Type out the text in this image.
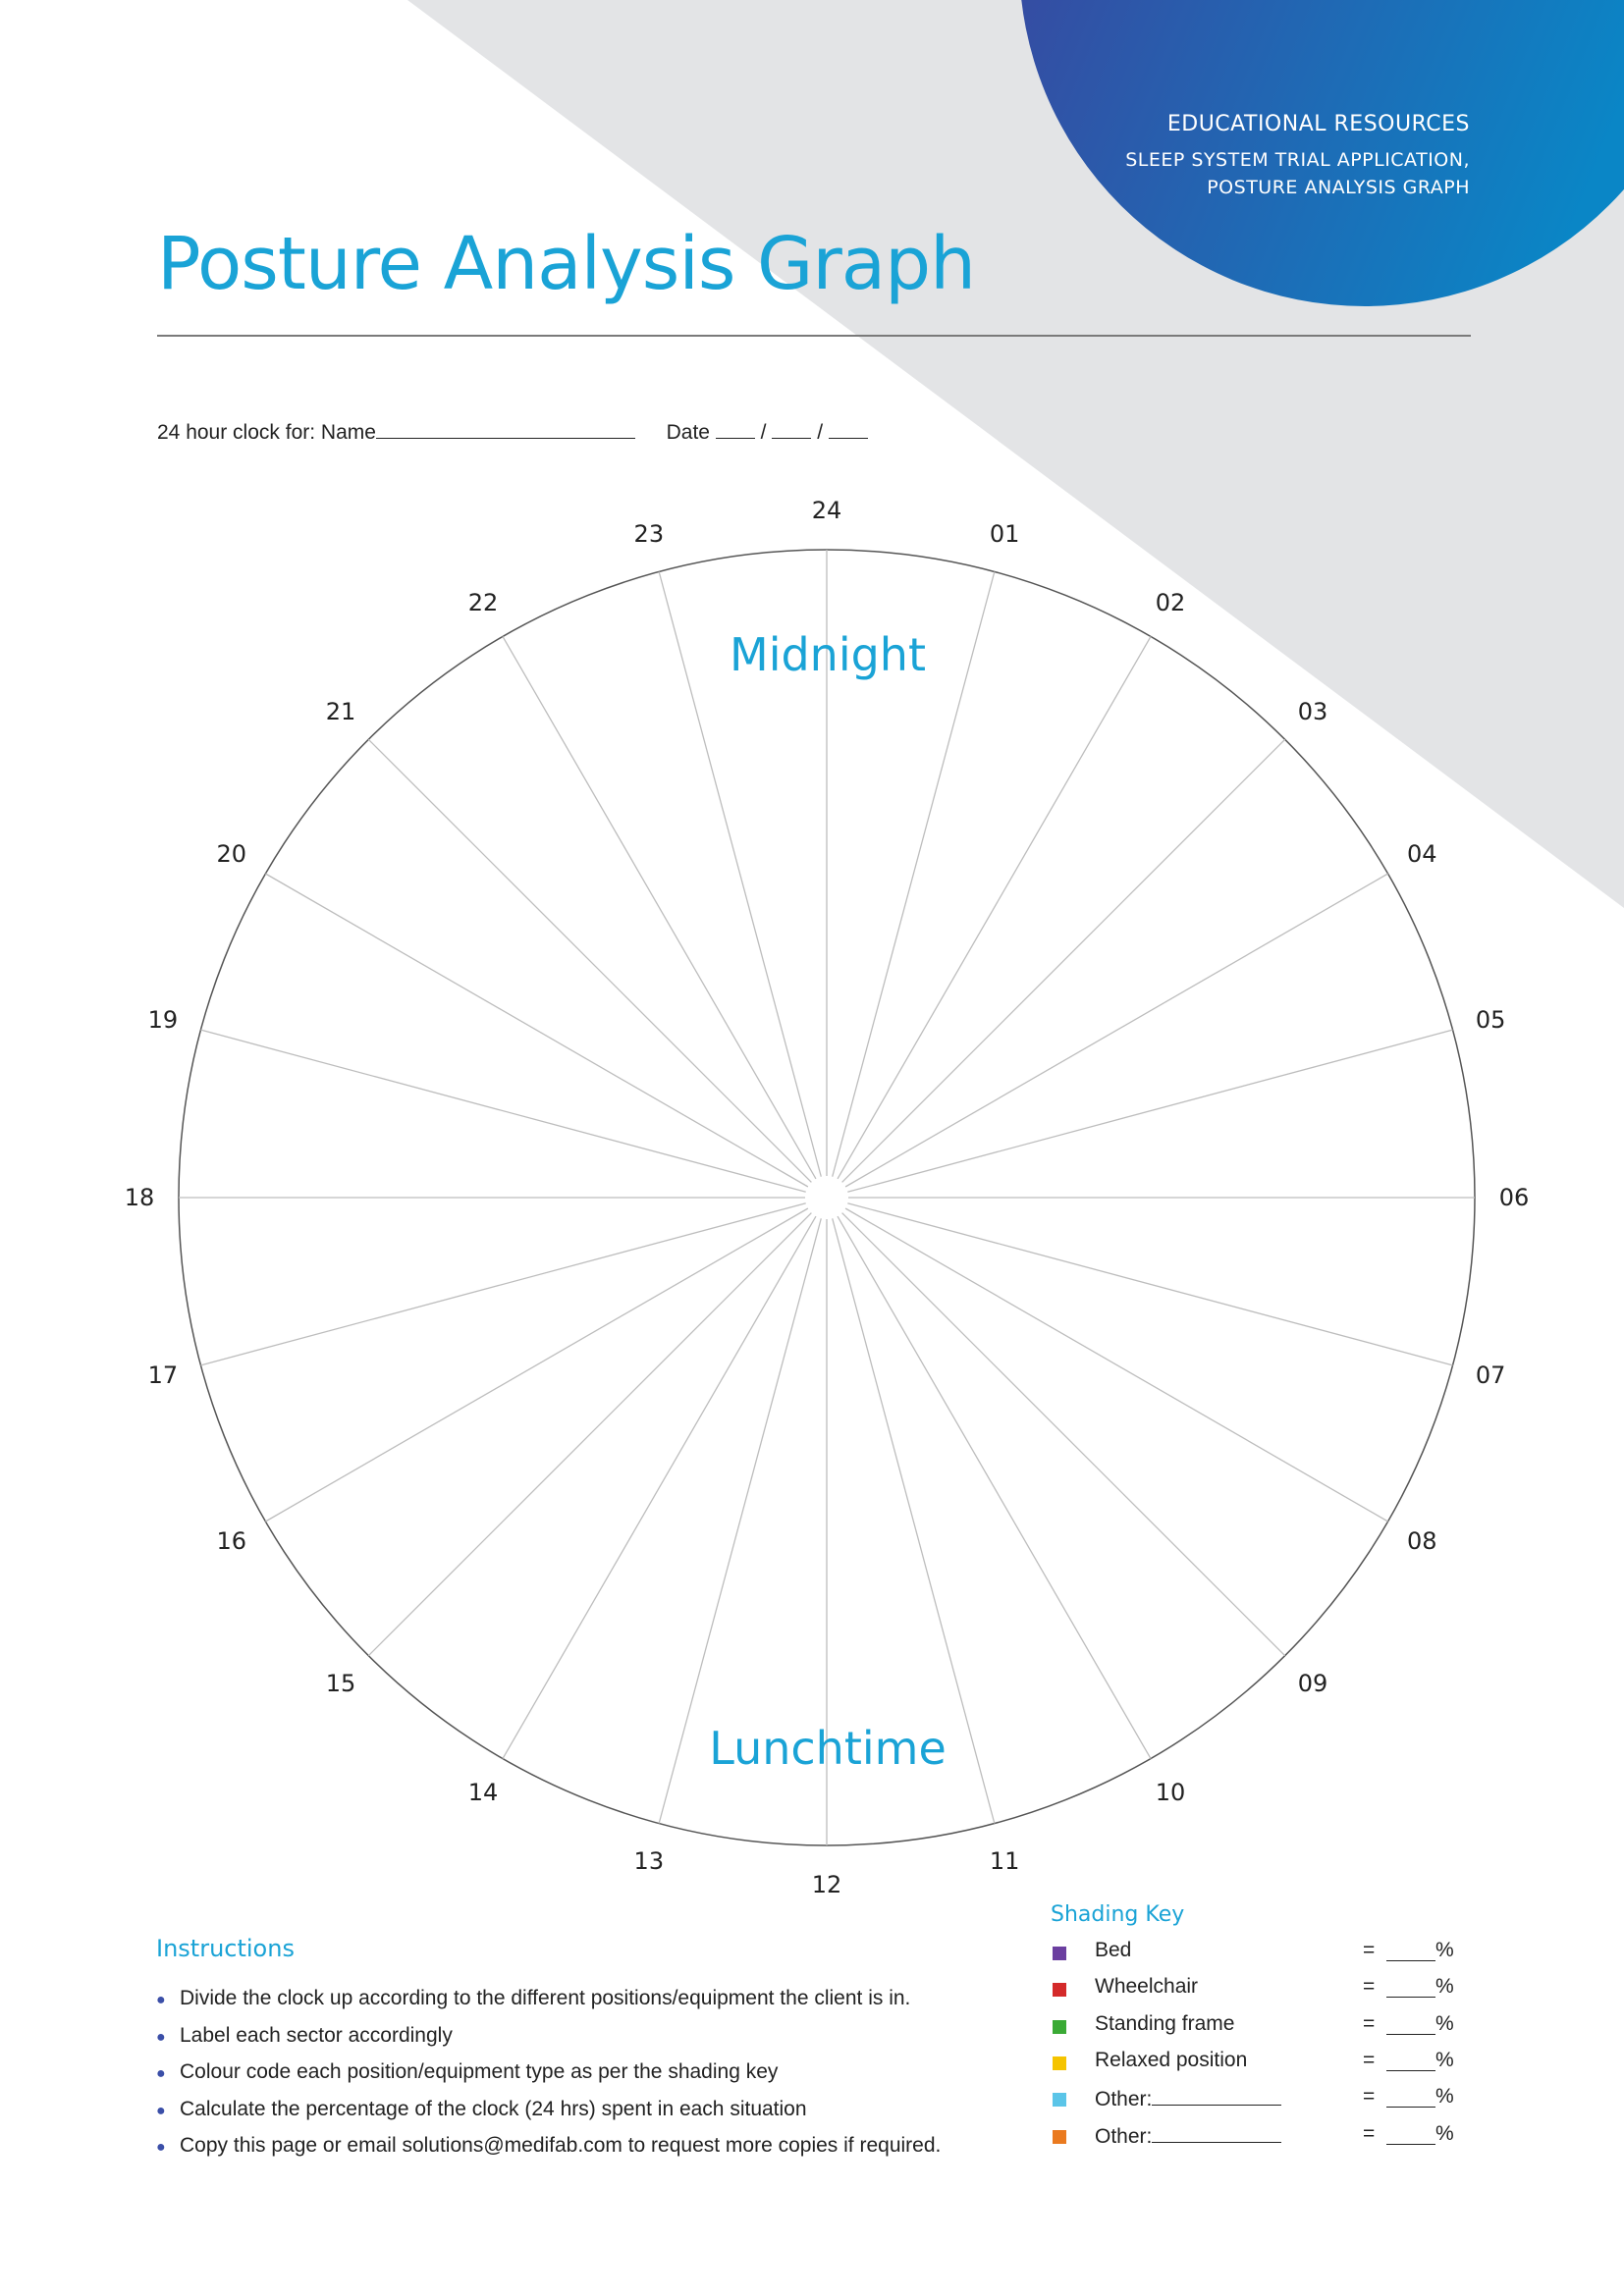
EDUCATIONAL RESOURCES
SLEEP SYSTEM TRIAL APPLICATION,
POSTURE ANALYSIS GRAPH
Posture Analysis Graph
24 hour clock for: Name	Date / /
24
01
02
03
04
05
06
07
08
09
10
11
12
13
14
15
16
17
18
19
20
21
22
23
Midnight
Lunchtime
Instructions
● Divide the clock up according to the different positions/equipment the client is in.
● Label each sector accordingly
● Colour code each position/equipment type as per the shading key
● Calculate the percentage of the clock (24 hrs) spent in each situation
● Copy this page or email solutions@medifab.com to request more copies if required.
Shading Key
Bed	=	%
Wheelchair	=	%
Standing frame	=	%
Relaxed position	=	%
Other:	=	%
Other:	=	%
